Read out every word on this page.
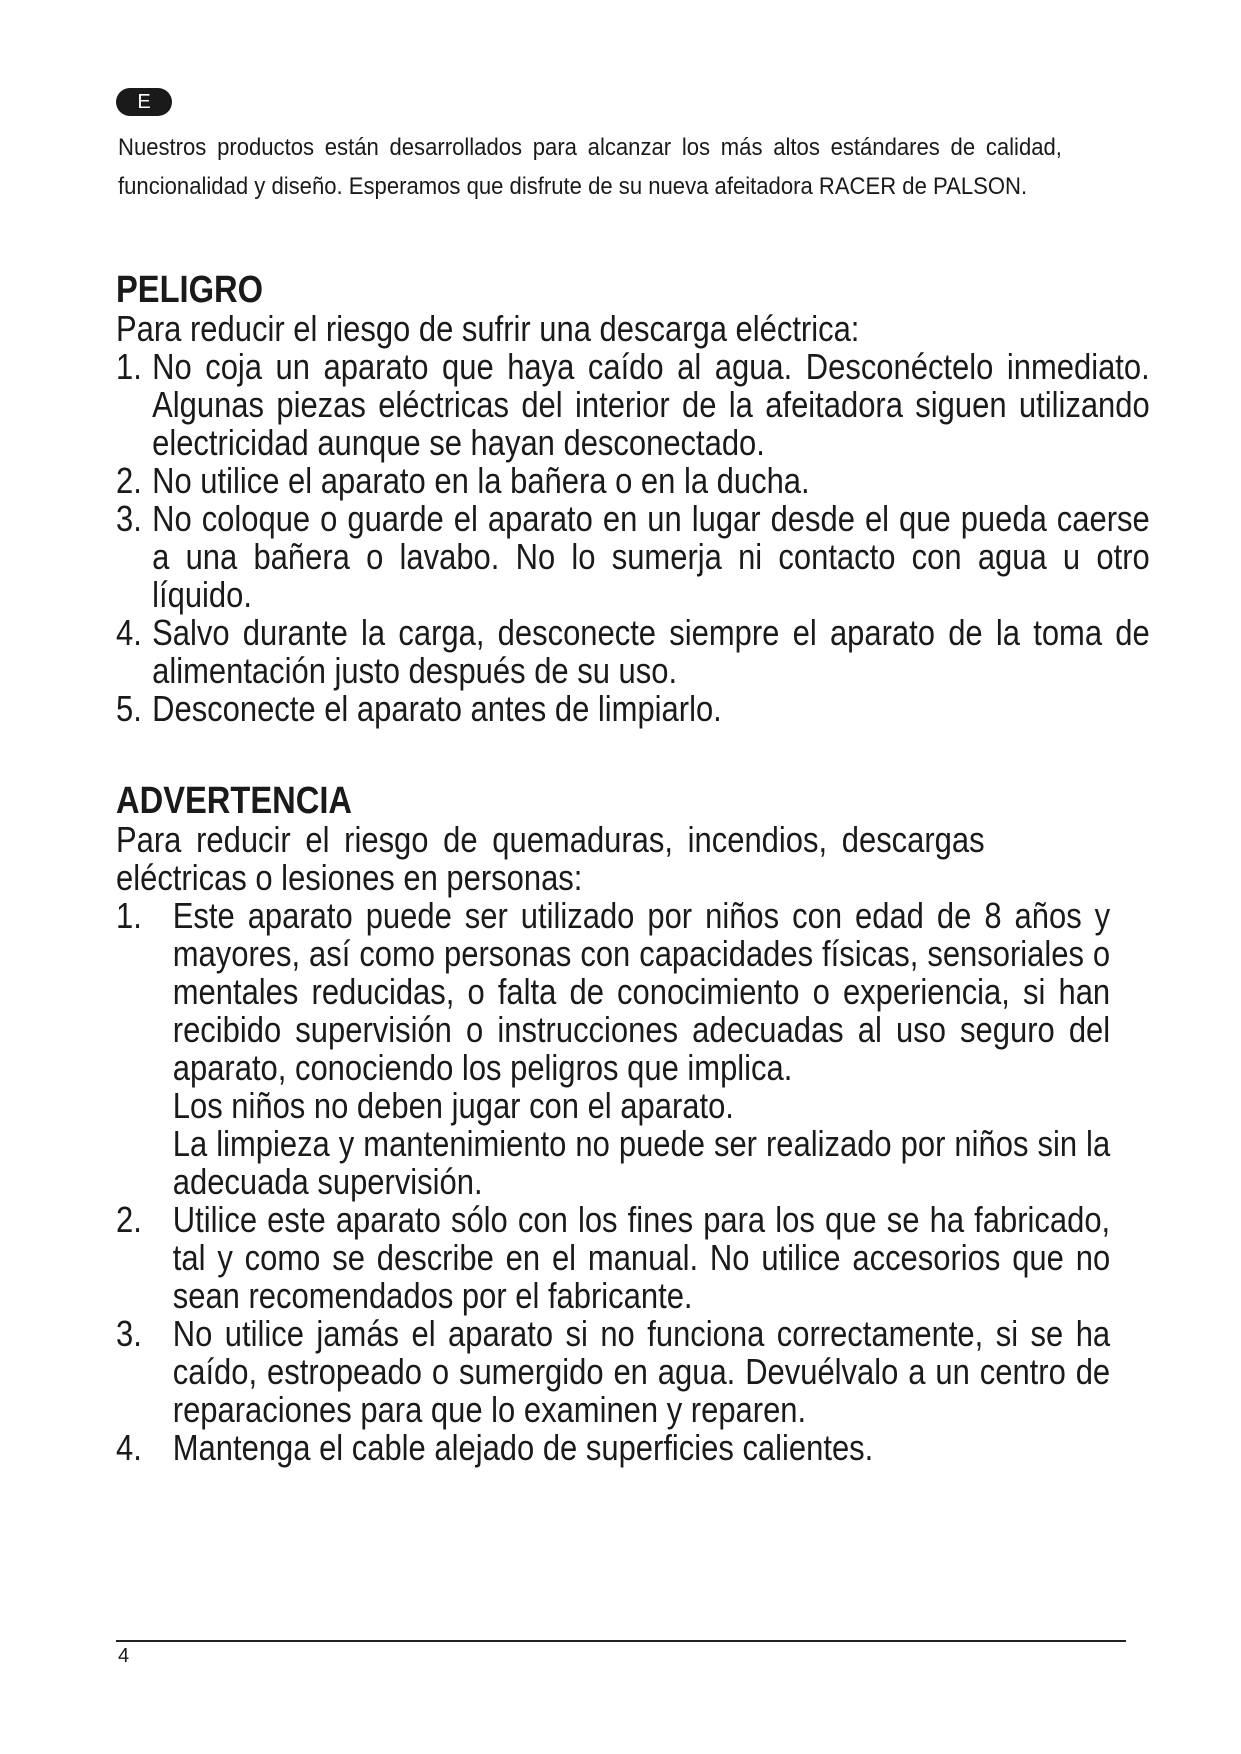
E
Nuestros productos están desarrollados para alcanzar los más altos estándares de calidad, funcionalidad y diseño. Esperamos que disfrute de su nueva afeitadora RACER de PALSON.
PELIGRO
Para reducir el riesgo de sufrir una descarga eléctrica:
1. No coja un aparato que haya caído al agua. Desconéctelo inmediato. Algunas piezas eléctricas del interior de la afeitadora siguen utilizando electricidad aunque se hayan desconectado.

2. No utilice el aparato en la bañera o en la ducha.

3. No coloque o guarde el aparato en un lugar desde el que pueda caerse a una bañera o lavabo. No lo sumerja ni contacto con agua u otro líquido.

4. Salvo durante la carga, desconecte siempre el aparato de la toma de alimentación justo después de su uso.

5. Desconecte el aparato antes de limpiarlo.

ADVERTENCIA
Para reducir el riesgo de quemaduras, incendios, descargas eléctricas o lesiones en personas:
1. Este aparato puede ser utilizado por niños con edad de 8 años y mayores, así como personas con capacidades físicas, sensoriales o mentales reducidas, o falta de conocimiento o experiencia, si han recibido supervisión o instrucciones adecuadas al uso seguro del aparato, conociendo los peligros que implica.

Los niños no deben jugar con el aparato.

La limpieza y mantenimiento no puede ser realizado por niños sin la adecuada supervisión.

2. Utilice este aparato sólo con los fines para los que se ha fabricado, tal y como se describe en el manual. No utilice accesorios que no sean recomendados por el fabricante.

3. No utilice jamás el aparato si no funciona correctamente, si se ha caído, estropeado o sumergido en agua. Devuélvalo a un centro de reparaciones para que lo examinen y reparen.

4. Mantenga el cable alejado de superficies calientes.

4
